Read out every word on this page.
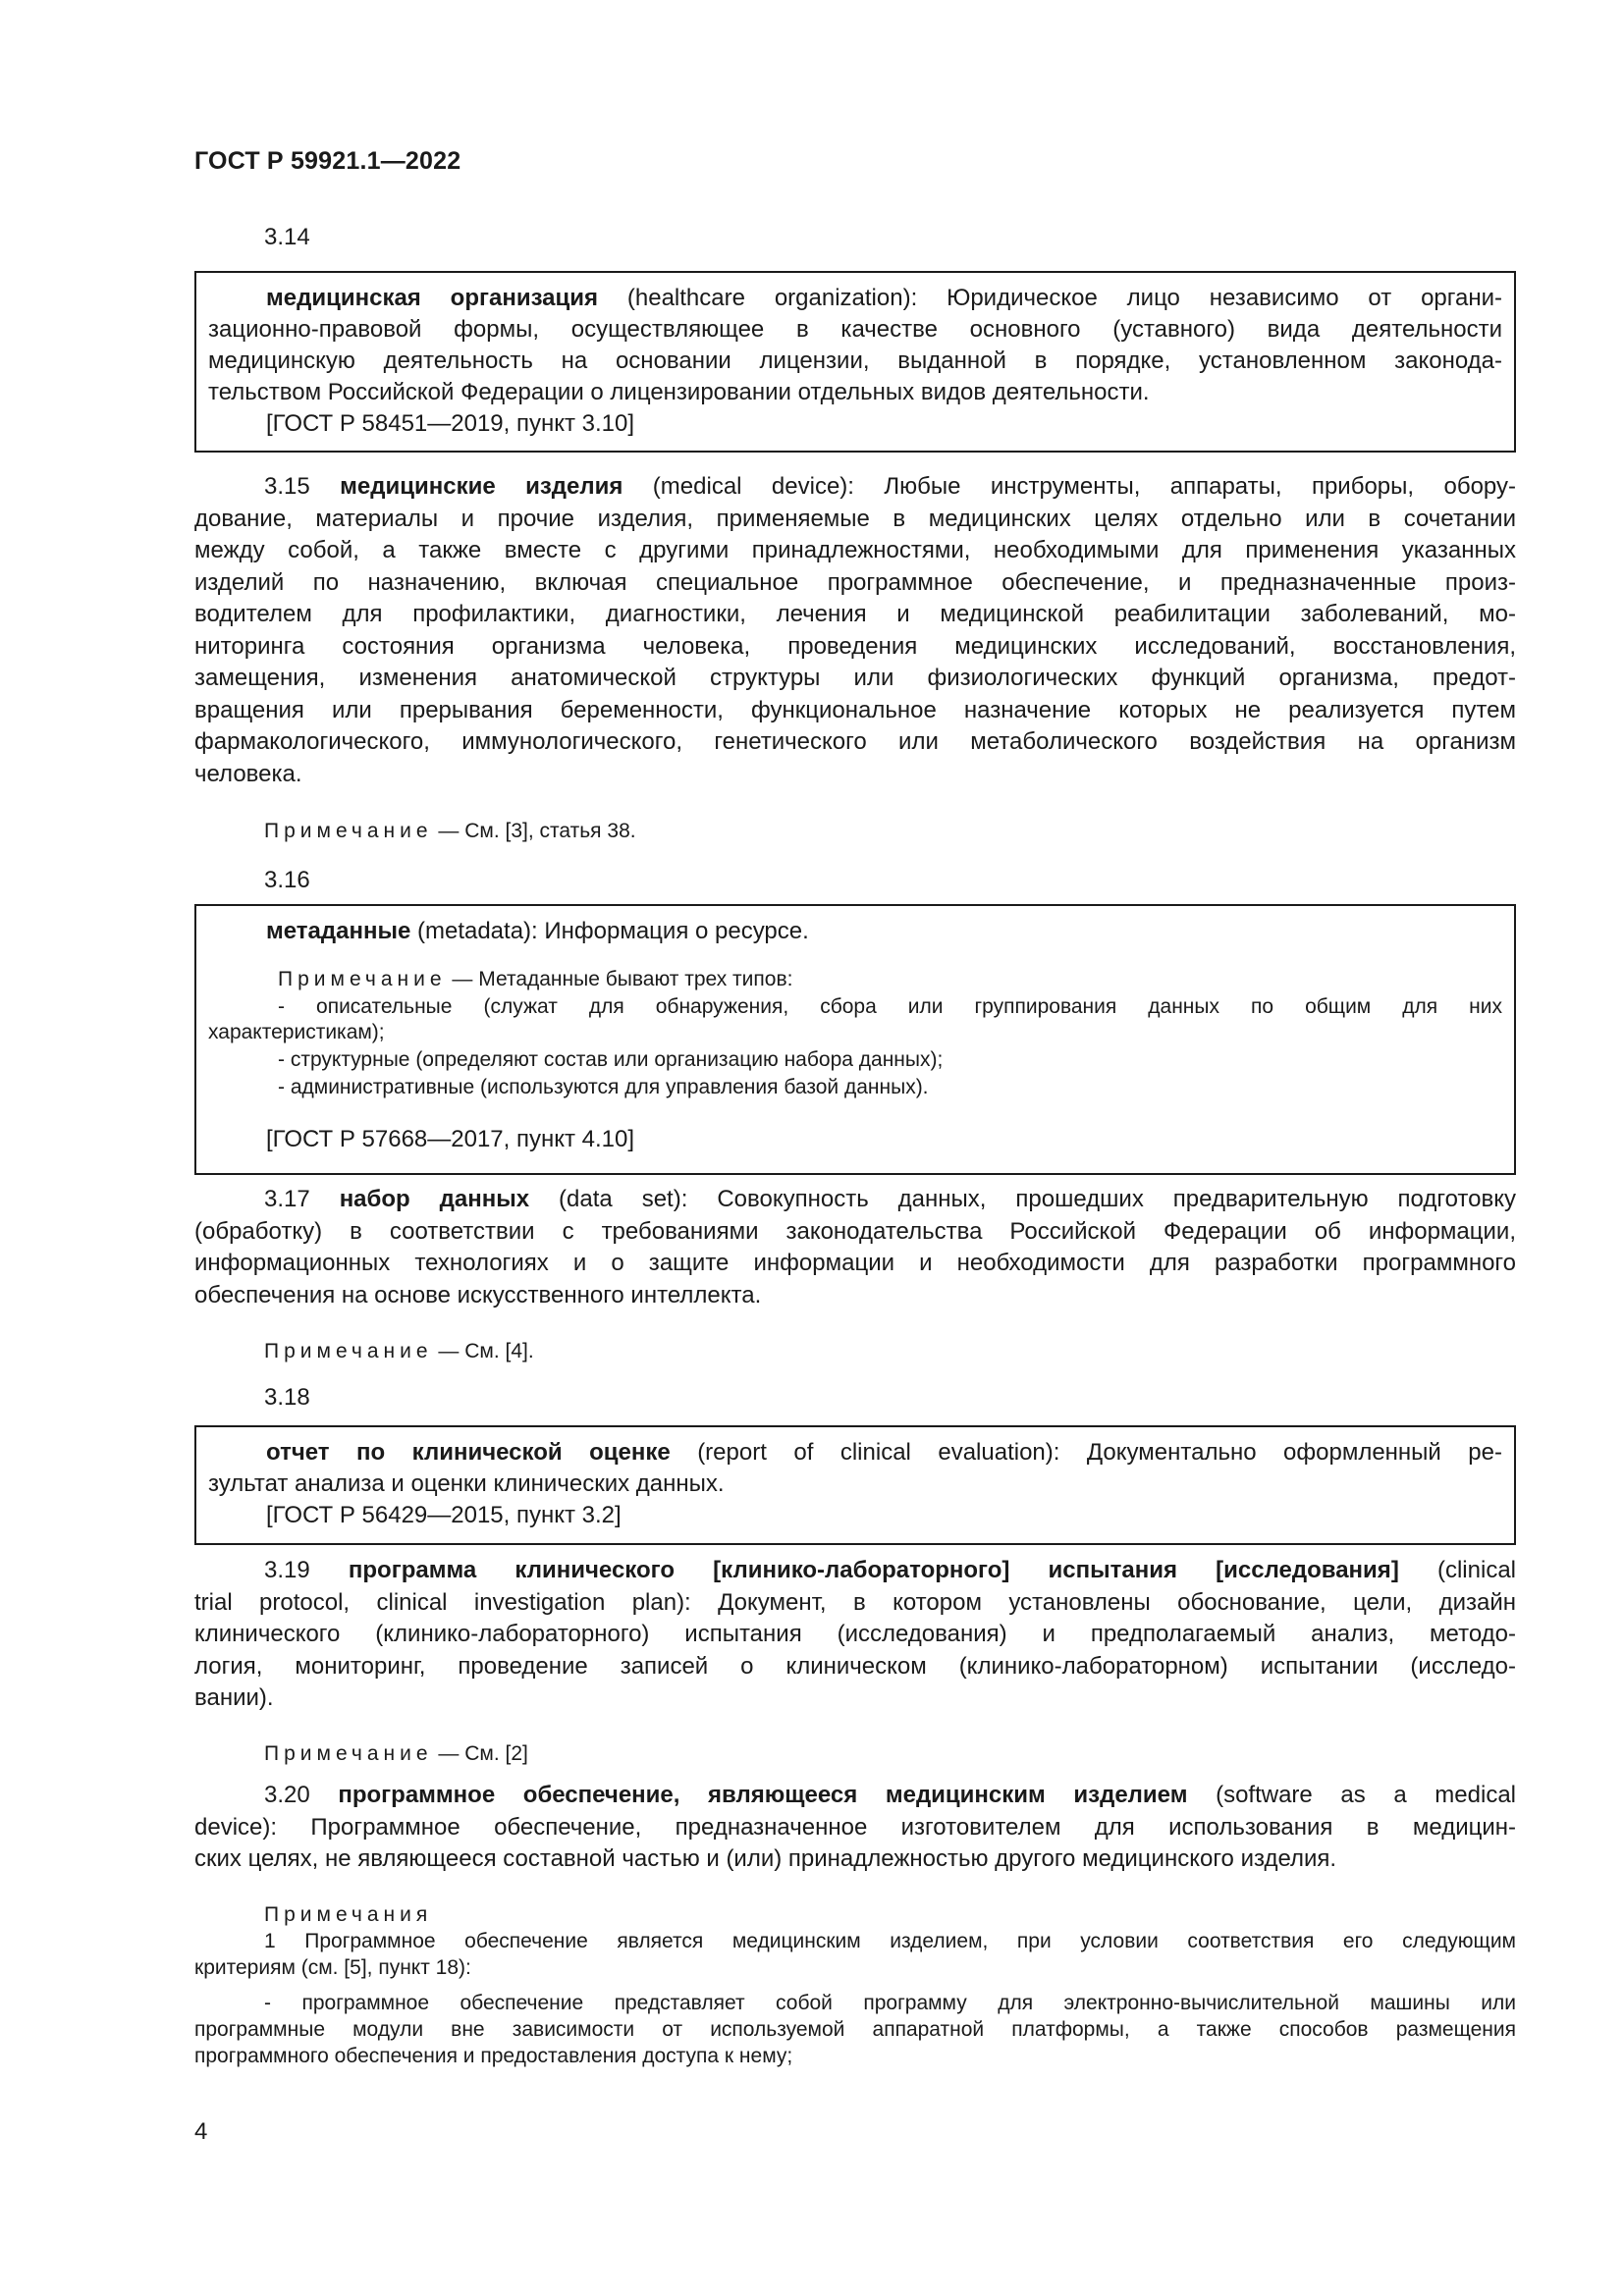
ГОСТ Р 59921.1—2022
3.14
медицинская организация (healthcare organization): Юридическое лицо независимо от органи-
зационно-правовой формы, осуществляющее в качестве основного (уставного) вида деятельности
медицинскую деятельность на основании лицензии, выданной в порядке, установленном законода-
тельством Российской Федерации о лицензировании отдельных видов деятельности.
[ГОСТ Р 58451—2019, пункт 3.10]
3.15 медицинские изделия (medical device): Любые инструменты, аппараты, приборы, обору-
дование, материалы и прочие изделия, применяемые в медицинских целях отдельно или в сочетании
между собой, а также вместе с другими принадлежностями, необходимыми для применения указанных
изделий по назначению, включая специальное программное обеспечение, и предназначенные произ-
водителем для профилактики, диагностики, лечения и медицинской реабилитации заболеваний, мо-
ниторинга состояния организма человека, проведения медицинских исследований, восстановления,
замещения, изменения анатомической структуры или физиологических функций организма, предот-
вращения или прерывания беременности, функциональное назначение которых не реализуется путем
фармакологического, иммунологического, генетического или метаболического воздействия на организм
человека.
Примечание — См. [3], статья 38.
3.16
метаданные (metadata): Информация о ресурсе.
Примечание — Метаданные бывают трех типов:
- описательные (служат для обнаружения, сбора или группирования данных по общим для них
характеристикам);
- структурные (определяют состав или организацию набора данных);
- административные (используются для управления базой данных).
[ГОСТ Р 57668—2017, пункт 4.10]
3.17 набор данных (data set): Совокупность данных, прошедших предварительную подготовку
(обработку) в соответствии с требованиями законодательства Российской Федерации об информации,
информационных технологиях и о защите информации и необходимости для разработки программного
обеспечения на основе искусственного интеллекта.
Примечание — См. [4].
3.18
отчет по клинической оценке (report of clinical evaluation): Документально оформленный ре-
зультат анализа и оценки клинических данных.
[ГОСТ Р 56429—2015, пункт 3.2]
3.19 программа клинического [клинико-лабораторного] испытания [исследования] (clinical
trial protocol, clinical investigation plan): Документ, в котором установлены обоснование, цели, дизайн
клинического (клинико-лабораторного) испытания (исследования) и предполагаемый анализ, методо-
логия, мониторинг, проведение записей о клиническом (клинико-лабораторном) испытании (исследо-
вании).
Примечание — См. [2]
3.20 программное обеспечение, являющееся медицинским изделием (software as a medical
device): Программное обеспечение, предназначенное изготовителем для использования в медицин-
ских целях, не являющееся составной частью и (или) принадлежностью другого медицинского изделия.
Примечания
1 Программное обеспечение является медицинским изделием, при условии соответствия его следующим
критериям (см. [5], пункт 18):
- программное обеспечение представляет собой программу для электронно-вычислительной машины или
программные модули вне зависимости от используемой аппаратной платформы, а также способов размещения
программного обеспечения и предоставления доступа к нему;
4
